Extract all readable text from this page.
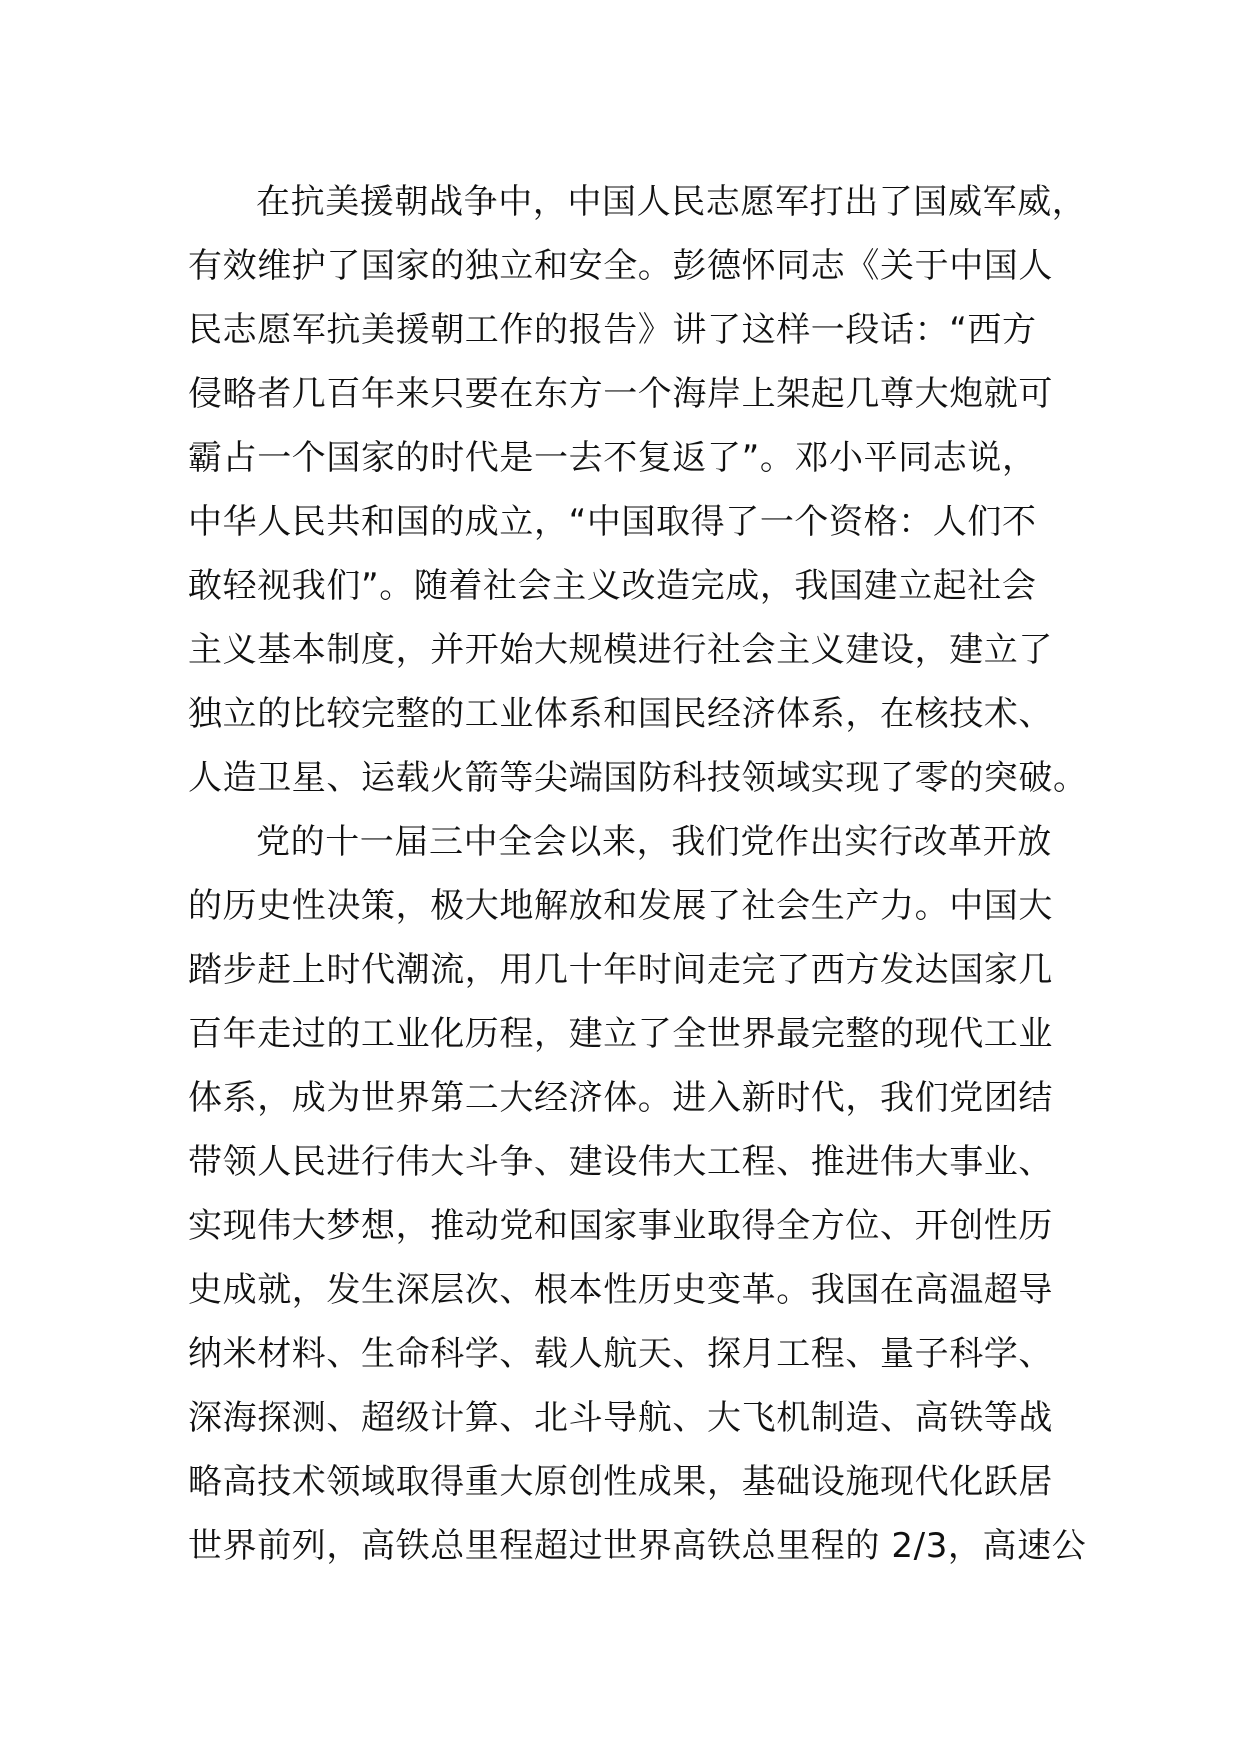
在抗美援朝战争中，中国人民志愿军打出了国威军威，
有效维护了国家的独立和安全。彭德怀同志《关于中国人
民志愿军抗美援朝工作的报告》讲了这样一段话：“西方
侵略者几百年来只要在东方一个海岸上架起几尊大炮就可
霸占一个国家的时代是一去不复返了”。邓小平同志说，
中华人民共和国的成立，“中国取得了一个资格：人们不
敢轻视我们”。随着社会主义改造完成，我国建立起社会
主义基本制度，并开始大规模进行社会主义建设，建立了
独立的比较完整的工业体系和国民经济体系，在核技术、
人造卫星、运载火箭等尖端国防科技领域实现了零的突破。
党的十一届三中全会以来，我们党作出实行改革开放
的历史性决策，极大地解放和发展了社会生产力。中国大
踏步赶上时代潮流，用几十年时间走完了西方发达国家几
百年走过的工业化历程，建立了全世界最完整的现代工业
体系，成为世界第二大经济体。进入新时代，我们党团结
带领人民进行伟大斗争、建设伟大工程、推进伟大事业、
实现伟大梦想，推动党和国家事业取得全方位、开创性历
史成就，发生深层次、根本性历史变革。我国在高温超导
纳米材料、生命科学、载人航天、探月工程、量子科学、
深海探测、超级计算、北斗导航、大飞机制造、高铁等战
略高技术领域取得重大原创性成果，基础设施现代化跃居
世界前列，高铁总里程超过世界高铁总里程的 2/3，高速公
